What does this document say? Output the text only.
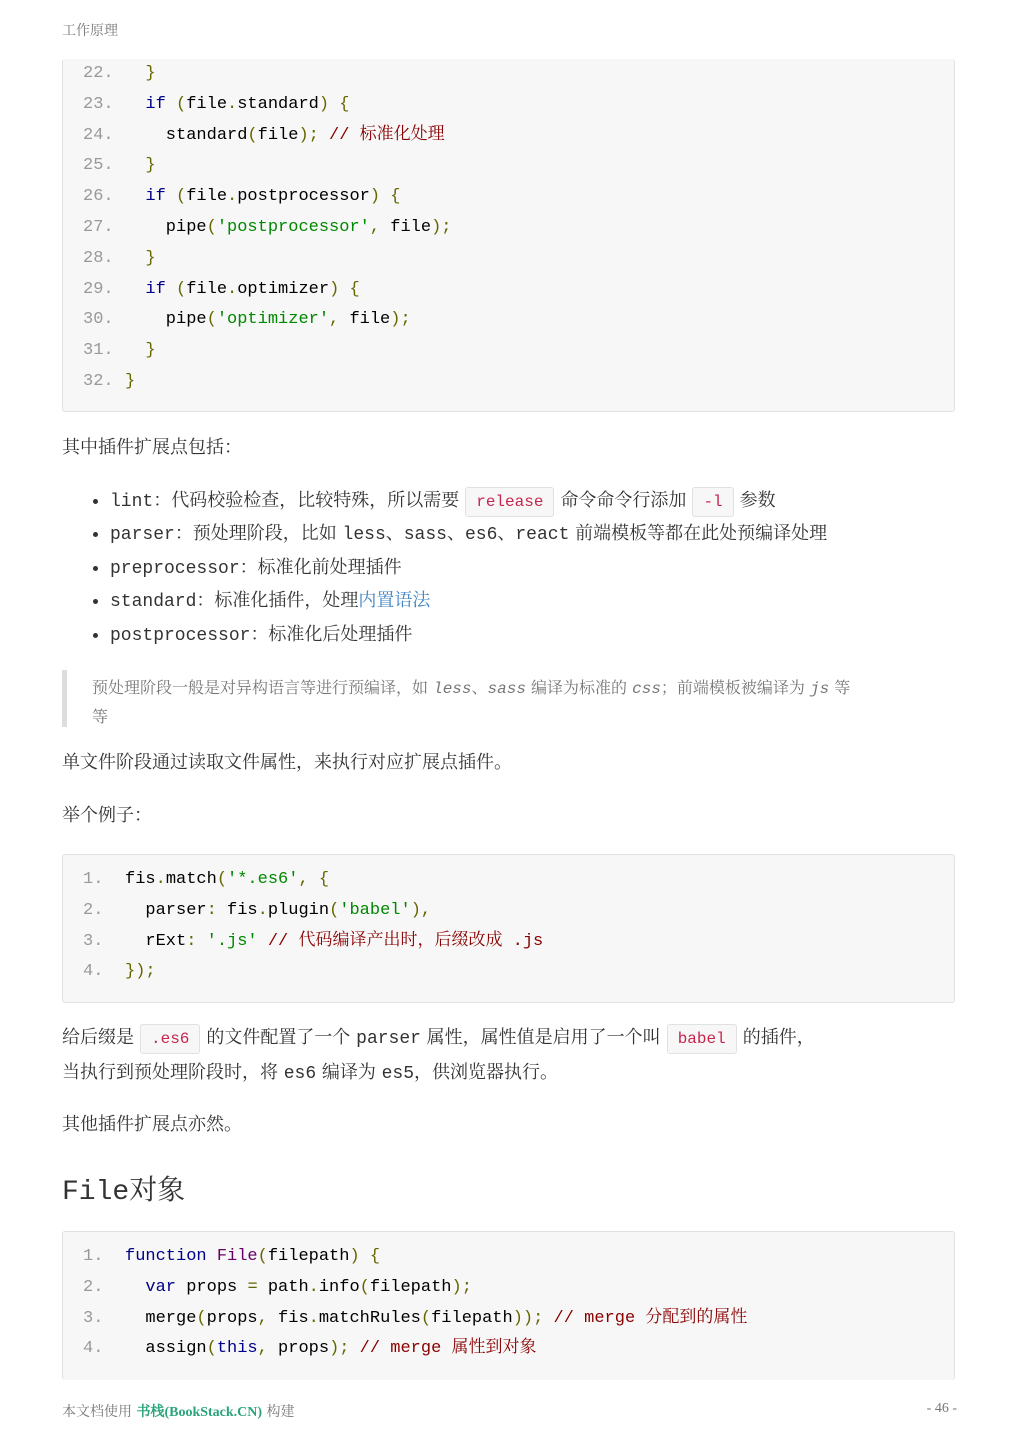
工作原理
22.	}
23.	if (file.standard) {
24. standard(file); // 标准化处理
25.	}
26.	if (file.postprocessor) {
27. pipe('postprocessor', file);
28.	}
29.	if (file.optimizer) {
30. pipe('optimizer', file);
31.	}
32. }
其中插件扩展点包括：
• lint：代码校验检查，比较特殊，所以需要 release 命令命令行添加 -l 参数
• parser：预处理阶段，比如 less、sass、es6、react 前端模板等都在此处预编译处理
• preprocessor：标准化前处理插件
• standard：标准化插件，处理内置语法
• postprocessor：标准化后处理插件
预处理阶段一般是对异构语言等进行预编译，如 less、sass 编译为标准的 css；前端模板被编译为 js 等
等
单文件阶段通过读取文件属性，来执行对应扩展点插件。
举个例子：
1. fis.match('*.es6', {
2. parser: fis.plugin('babel'),
3. rExt: '.js' // 代码编译产出时，后缀改成 .js
4. });
给后缀是 .es6 的文件配置了一个 parser 属性，属性值是启用了一个叫 babel 的插件，
当执行到预处理阶段时，将 es6 编译为 es5，供浏览器执行。
其他插件扩展点亦然。
File对象
1. function File(filepath) {
2.	var props = path.info(filepath);
3. merge(props, fis.matchRules(filepath)); // merge 分配到的属性
4. assign(this, props); // merge 属性到对象
本文档使用 书栈(BookStack.CN) 构建	- 46 -
